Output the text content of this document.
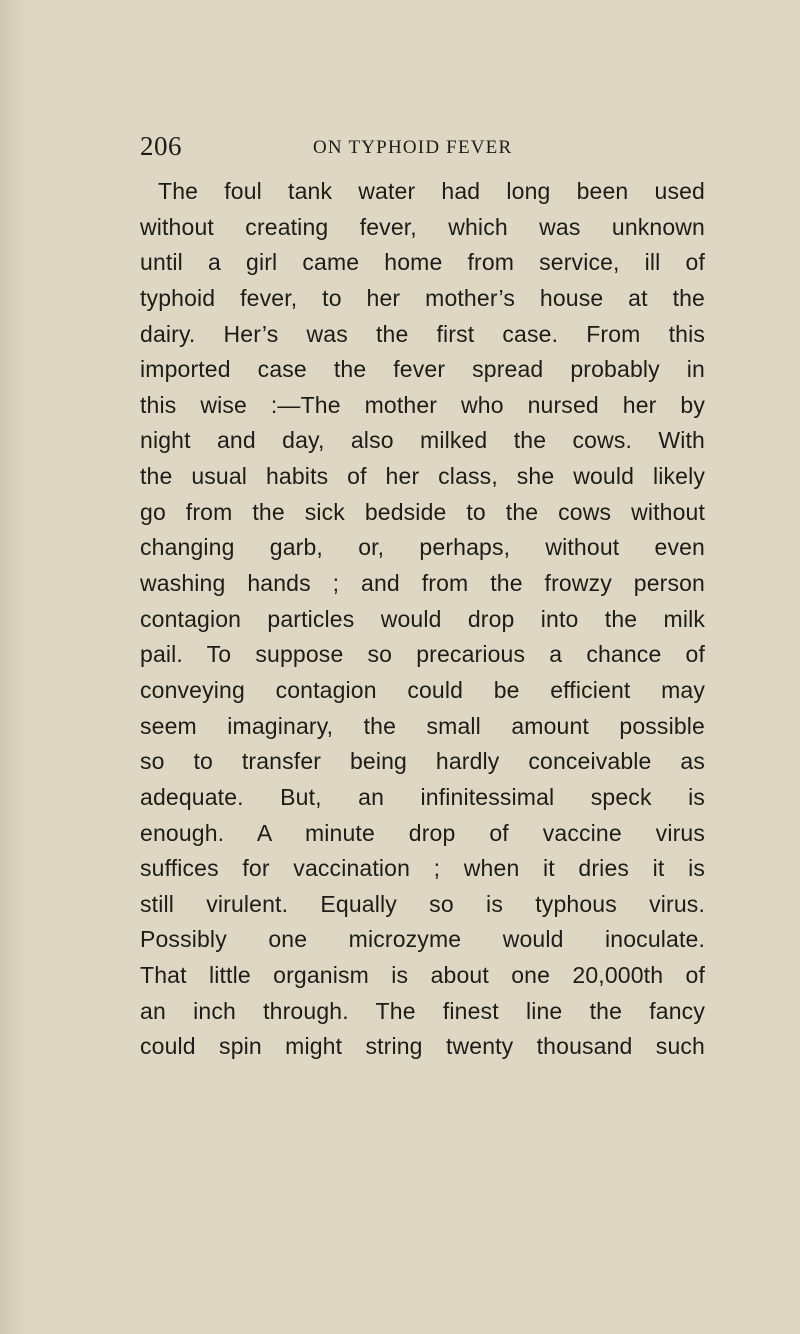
206	ON TYPHOID FEVER
The foul tank water had long been used
without creating fever, which was unknown
until a girl came home from service, ill of
typhoid fever, to her mother’s house at the
dairy. Her’s was the first case. From this
imported case the fever spread probably in
this wise :—The mother who nursed her by
night and day, also milked the cows. With
the usual habits of her class, she would likely
go from the sick bedside to the cows without
changing garb, or, perhaps, without even
washing hands ; and from the frowzy person
contagion particles would drop into the milk
pail. To suppose so precarious a chance of
conveying contagion could be efficient may
seem imaginary, the small amount possible
so to transfer being hardly conceivable as
adequate. But, an infinitessimal speck is
enough. A minute drop of vaccine virus
suffices for vaccination ; when it dries it is
still virulent. Equally so is typhous virus.
Possibly one microzyme would inoculate.
That little organism is about one 20,000th of
an inch through. The finest line the fancy
could spin might string twenty thousand such
